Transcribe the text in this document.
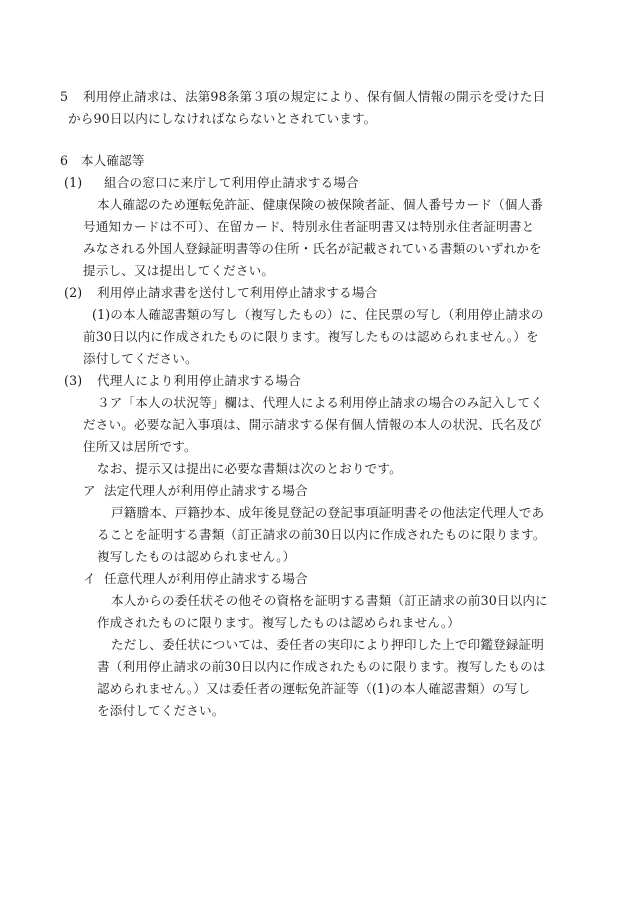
5 利用停止請求は、法第98条第３項の規定により、保有個人情報の開示を受けた日
から90日以内にしなければならないとされています。
6　本人確認等
(1) 組合の窓口に来庁して利用停止請求する場合
本人確認のため運転免許証、健康保険の被保険者証、個人番号カード（個人番
号通知カードは不可）、在留カード、特別永住者証明書又は特別永住者証明書と
みなされる外国人登録証明書等の住所・氏名が記載されている書類のいずれかを
提示し、又は提出してください。
(2) 利用停止請求書を送付して利用停止請求する場合
(1)の本人確認書類の写し（複写したもの）に、住民票の写し（利用停止請求の
前30日以内に作成されたものに限ります。複写したものは認められません。）を
添付してください。
(3) 代理人により利用停止請求する場合
３ア「本人の状況等」欄は、代理人による利用停止請求の場合のみ記入してく
ださい。必要な記入事項は、開示請求する保有個人情報の本人の状況、氏名及び
住所又は居所です。
なお、提示又は提出に必要な書類は次のとおりです。
ア 法定代理人が利用停止請求する場合
戸籍謄本、戸籍抄本、成年後見登記の登記事項証明書その他法定代理人であ
ることを証明する書類（訂正請求の前30日以内に作成されたものに限ります。
複写したものは認められません。）
イ 任意代理人が利用停止請求する場合
本人からの委任状その他その資格を証明する書類（訂正請求の前30日以内に
作成されたものに限ります。複写したものは認められません。）
ただし、委任状については、委任者の実印により押印した上で印鑑登録証明
書（利用停止請求の前30日以内に作成されたものに限ります。複写したものは
認められません。）又は委任者の運転免許証等（(1)の本人確認書類）の写し
を添付してください。
